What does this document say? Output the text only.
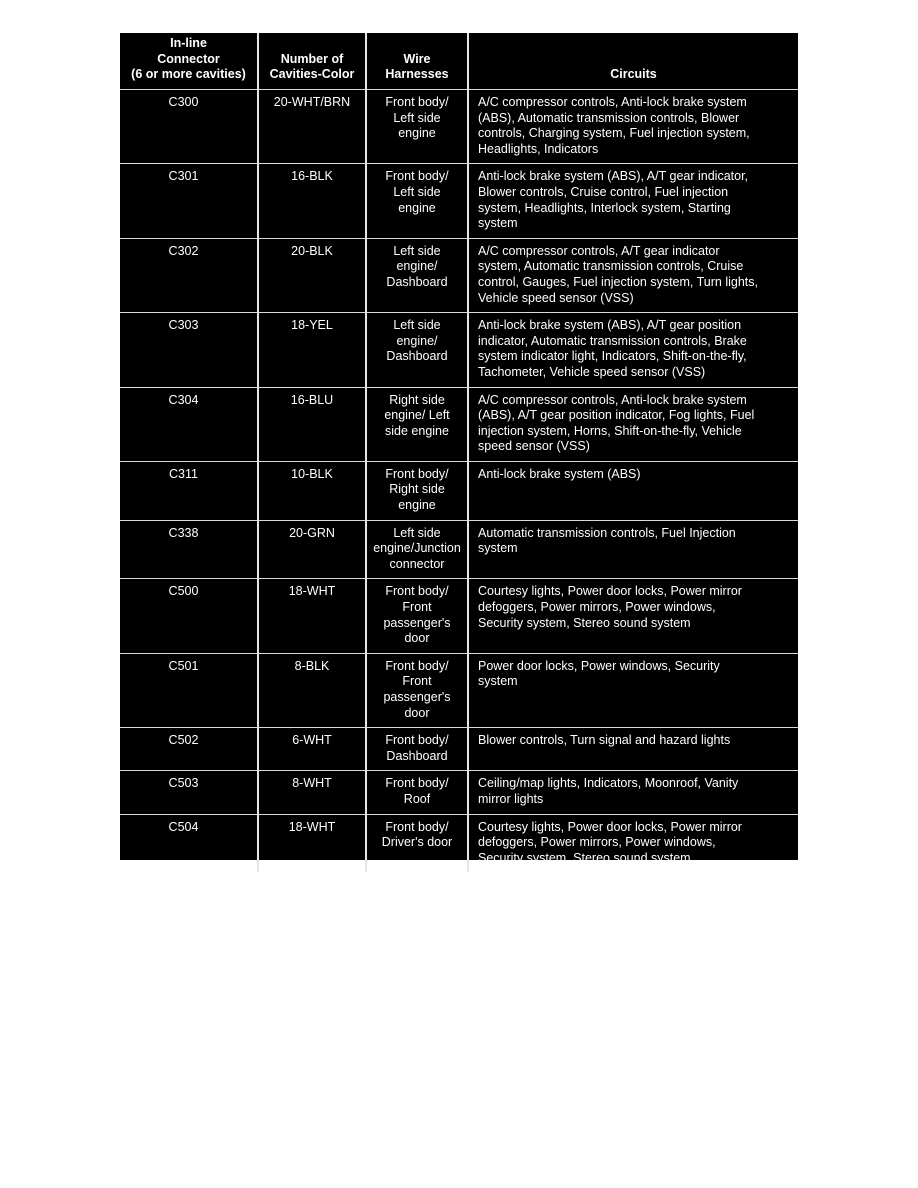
In-line
Connector
(6 or more cavities)	Number of
Cavities-Color	Wire
Harnesses	Circuits
C300	20-WHT/BRN	Front body/
Left side
engine	A/C compressor controls, Anti-lock brake system
(ABS), Automatic transmission controls, Blower
controls, Charging system, Fuel injection system,
Headlights, Indicators
C301	16-BLK	Front body/
Left side
engine	Anti-lock brake system (ABS), A/T gear indicator,
Blower controls, Cruise control, Fuel injection
system, Headlights, Interlock system, Starting
system
C302	20-BLK	Left side
engine/
Dashboard	A/C compressor controls, A/T gear indicator
system, Automatic transmission controls, Cruise
control, Gauges, Fuel injection system, Turn lights,
Vehicle speed sensor (VSS)
C303	18-YEL	Left side
engine/
Dashboard	Anti-lock brake system (ABS), A/T gear position
indicator, Automatic transmission controls, Brake
system indicator light, Indicators, Shift-on-the-fly,
Tachometer, Vehicle speed sensor (VSS)
C304	16-BLU	Right side
engine/ Left
side engine	A/C compressor controls, Anti-lock brake system
(ABS), A/T gear position indicator, Fog lights, Fuel
injection system, Horns, Shift-on-the-fly, Vehicle
speed sensor (VSS)
C311	10-BLK	Front body/
Right side
engine	Anti-lock brake system (ABS)
C338	20-GRN	Left side
engine/Junction
connector	Automatic transmission controls, Fuel Injection
system
C500	18-WHT	Front body/
Front
passenger's
door	Courtesy lights, Power door locks, Power mirror
defoggers, Power mirrors, Power windows,
Security system, Stereo sound system
C501	8-BLK	Front body/
Front
passenger's
door	Power door locks, Power windows, Security
system
C502	6-WHT	Front body/
Dashboard	Blower controls, Turn signal and hazard lights
C503	8-WHT	Front body/
Roof	Ceiling/map lights, Indicators, Moonroof, Vanity
mirror lights
C504	18-WHT	Front body/
Driver's door	Courtesy lights, Power door locks, Power mirror
defoggers, Power mirrors, Power windows,
Security system, Stereo sound system
